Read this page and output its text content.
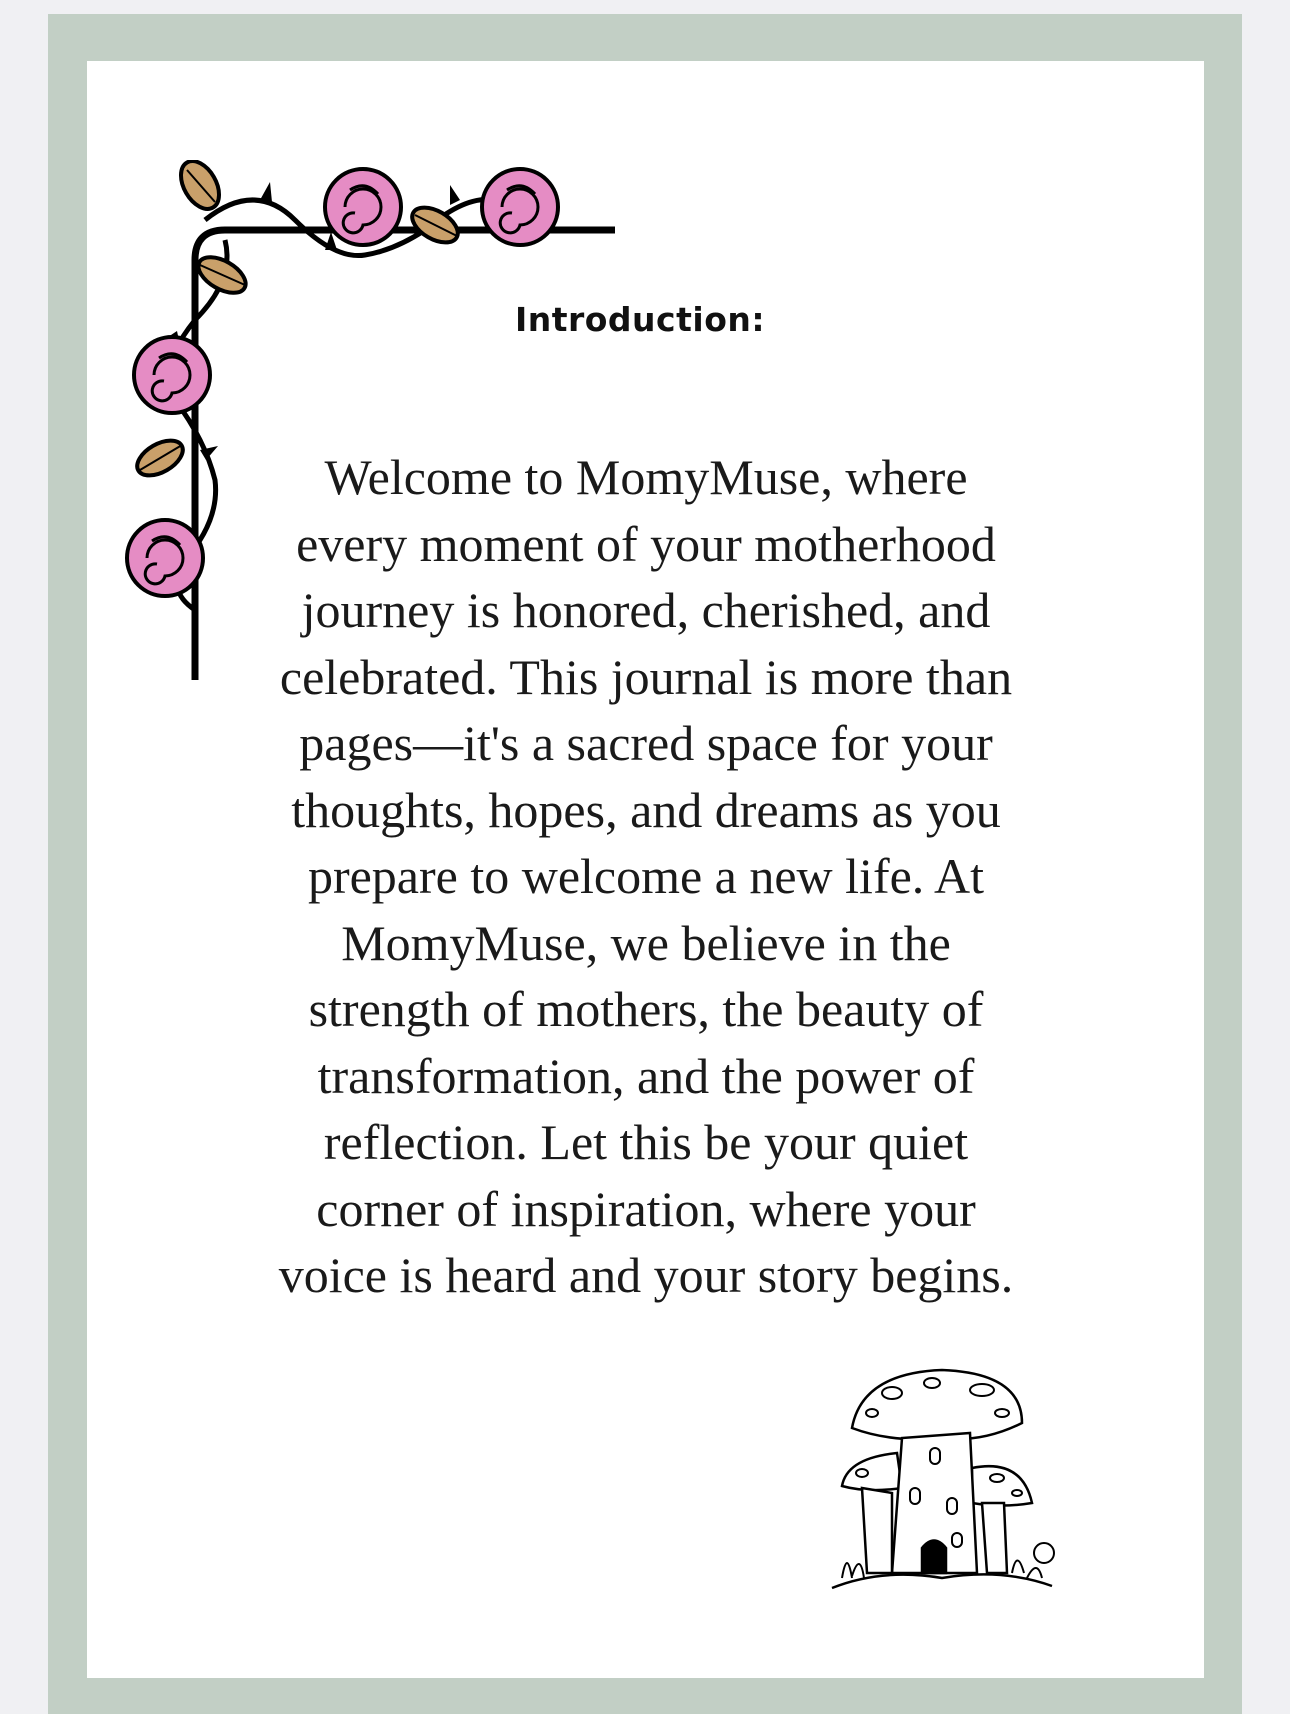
Introduction:

Welcome to MomyMuse, where every moment of your motherhood journey is honored, cherished, and celebrated. This journal is more than pages—it's a sacred space for your thoughts, hopes, and dreams as you prepare to welcome a new life. At MomyMuse, we believe in the strength of mothers, the beauty of transformation, and the power of reflection. Let this be your quiet corner of inspiration, where your voice is heard and your story begins.
